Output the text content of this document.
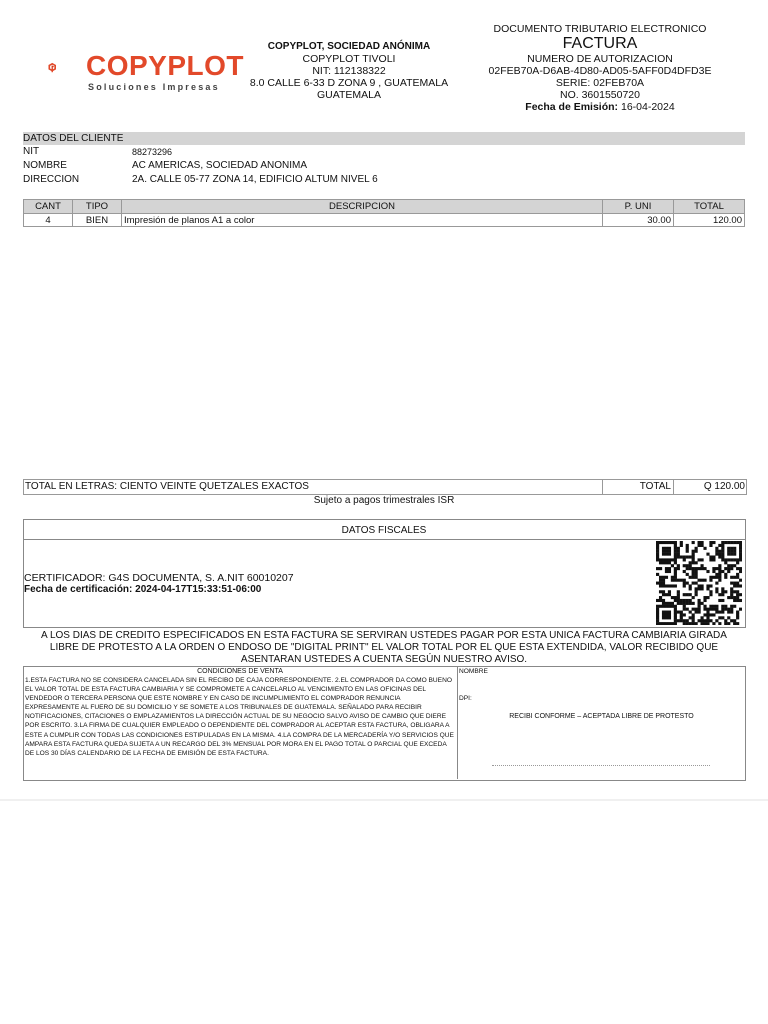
COPYPLOT
Soluciones Impresas
COPYPLOT, SOCIEDAD ANÓNIMA
COPYPLOT TIVOLI
NIT: 112138322
8.0 CALLE 6-33 D ZONA 9 , GUATEMALA
GUATEMALA
DOCUMENTO TRIBUTARIO ELECTRONICO
FACTURA
NUMERO DE AUTORIZACION
02FEB70A-D6AB-4D80-AD05-5AFF0D4DFD3E
SERIE: 02FEB70A
NO. 3601550720
Fecha de Emisión: 16-04-2024
DATOS DEL CLIENTE
NIT	88273296
NOMBRE	AC AMERICAS, SOCIEDAD ANONIMA
DIRECCION	2A. CALLE 05-77 ZONA 14, EDIFICIO ALTUM NIVEL 6
CANT	TIPO	DESCRIPCION	P. UNI	TOTAL
4	BIEN	Impresión de planos A1 a color	30.00	120.00
TOTAL EN LETRAS: CIENTO VEINTE QUETZALES EXACTOS	TOTAL	Q 120.00
Sujeto a pagos trimestrales ISR
DATOS FISCALES
CERTIFICADOR: G4S DOCUMENTA, S. A.NIT 60010207
Fecha de certificación: 2024-04-17T15:33:51-06:00
A LOS DIAS DE CREDITO ESPECIFICADOS EN ESTA FACTURA SE SERVIRAN USTEDES PAGAR POR ESTA UNICA FACTURA CAMBIARIA GIRADA LIBRE DE PROTESTO A LA ORDEN O ENDOSO DE "DIGITAL PRINT" EL VALOR TOTAL POR EL QUE ESTA EXTENDIDA, VALOR RECIBIDO QUE ASENTARAN USTEDES A CUENTA SEGÚN NUESTRO AVISO.
CONDICIONES DE VENTA
1.ESTA FACTURA NO SE CONSIDERA CANCELADA SIN EL RECIBO DE CAJA CORRESPONDIENTE. 2.EL COMPRADOR DA COMO BUENO EL VALOR TOTAL DE ESTA FACTURA CAMBIARIA Y SE COMPROMETE A CANCELARLO AL VENCIMIENTO EN LAS OFICINAS DEL VENDEDOR O TERCERA PERSONA QUE ESTE NOMBRE Y EN CASO DE INCUMPLIMIENTO EL COMPRADOR RENUNCIA EXPRESAMENTE AL FUERO DE SU DOMICILIO Y SE SOMETE A LOS TRIBUNALES DE GUATEMALA. SEÑALADO PARA RECIBIR NOTIFICACIONES, CITACIONES O EMPLAZAMIENTOS LA DIRECCIÓN ACTUAL DE SU NEGOCIO SALVO AVISO DE CAMBIO QUE DIERE POR ESCRITO. 3.LA FIRMA DE CUALQUIER EMPLEADO O DEPENDIENTE DEL COMPRADOR AL ACEPTAR ESTA FACTURA, OBLIGARA A ESTE A CUMPLIR CON TODAS LAS CONDICIONES ESTIPULADAS EN LA MISMA. 4.LA COMPRA DE LA MERCADERÍA Y/O SERVICIOS QUE AMPARA ESTA FACTURA QUEDA SUJETA A UN RECARGO DEL 3% MENSUAL POR MORA EN EL PAGO TOTAL O PARCIAL QUE EXCEDA DE LOS 30 DÍAS CALENDARIO DE LA FECHA DE EMISIÓN DE ESTA FACTURA.
NOMBRE
DPI:
RECIBI CONFORME – ACEPTADA LIBRE DE PROTESTO
